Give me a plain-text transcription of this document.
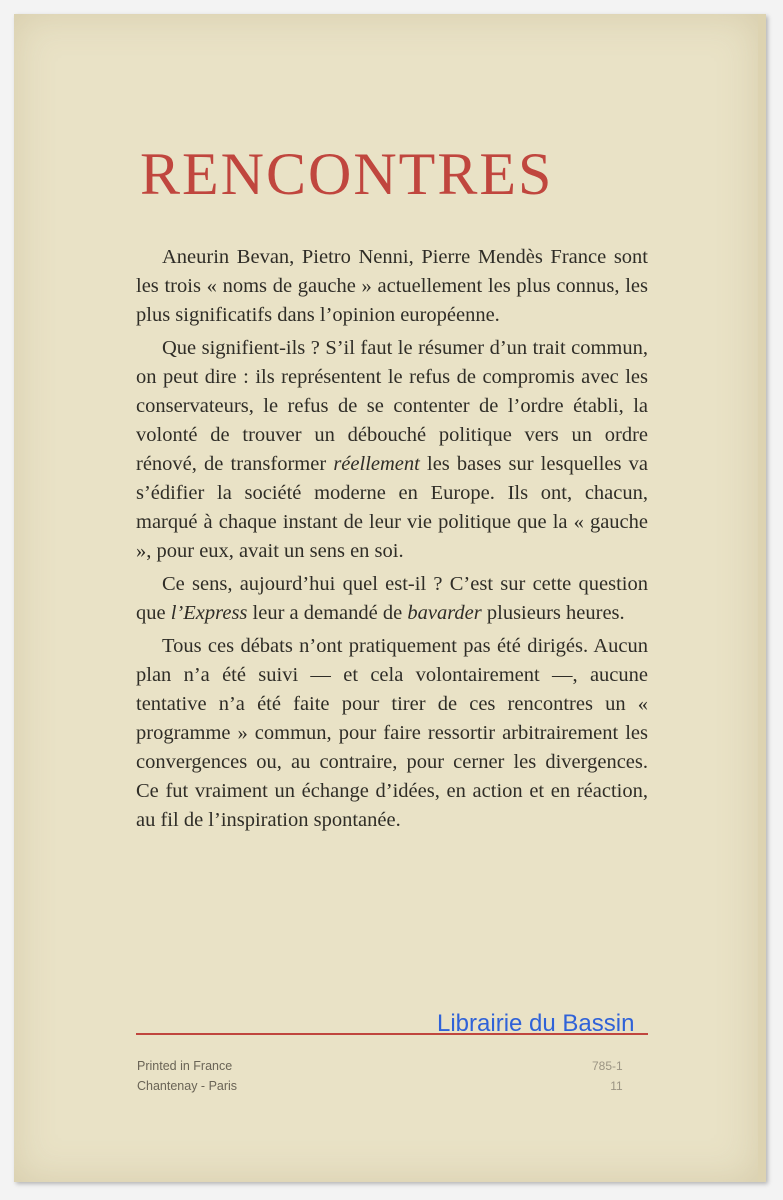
RENCONTRES

Aneurin Bevan, Pietro Nenni, Pierre Mendès France sont les trois « noms de gauche » actuellement les plus connus, les plus significatifs dans l’opinion européenne.

Que signifient-ils ? S’il faut le résumer d’un trait commun, on peut dire : ils représentent le refus de compromis avec les conservateurs, le refus de se contenter de l’ordre établi, la volonté de trouver un débouché politique vers un ordre rénové, de transformer réellement les bases sur lesquelles va s’édifier la société moderne en Europe. Ils ont, chacun, marqué à chaque instant de leur vie politique que la « gauche », pour eux, avait un sens en soi.

Ce sens, aujourd’hui quel est-il ? C’est sur cette question que l’Express leur a demandé de bavarder plusieurs heures.

Tous ces débats n’ont pratiquement pas été dirigés. Aucun plan n’a été suivi — et cela volontairement —, aucune tentative n’a été faite pour tirer de ces rencontres un « programme » commun, pour faire ressortir arbitrairement les convergences ou, au contraire, pour cerner les divergences. Ce fut vraiment un échange d’idées, en action et en réaction, au fil de l’inspiration spontanée.

Printed in France
Chantenay - Paris
785-1
11
Librairie du Bassin
